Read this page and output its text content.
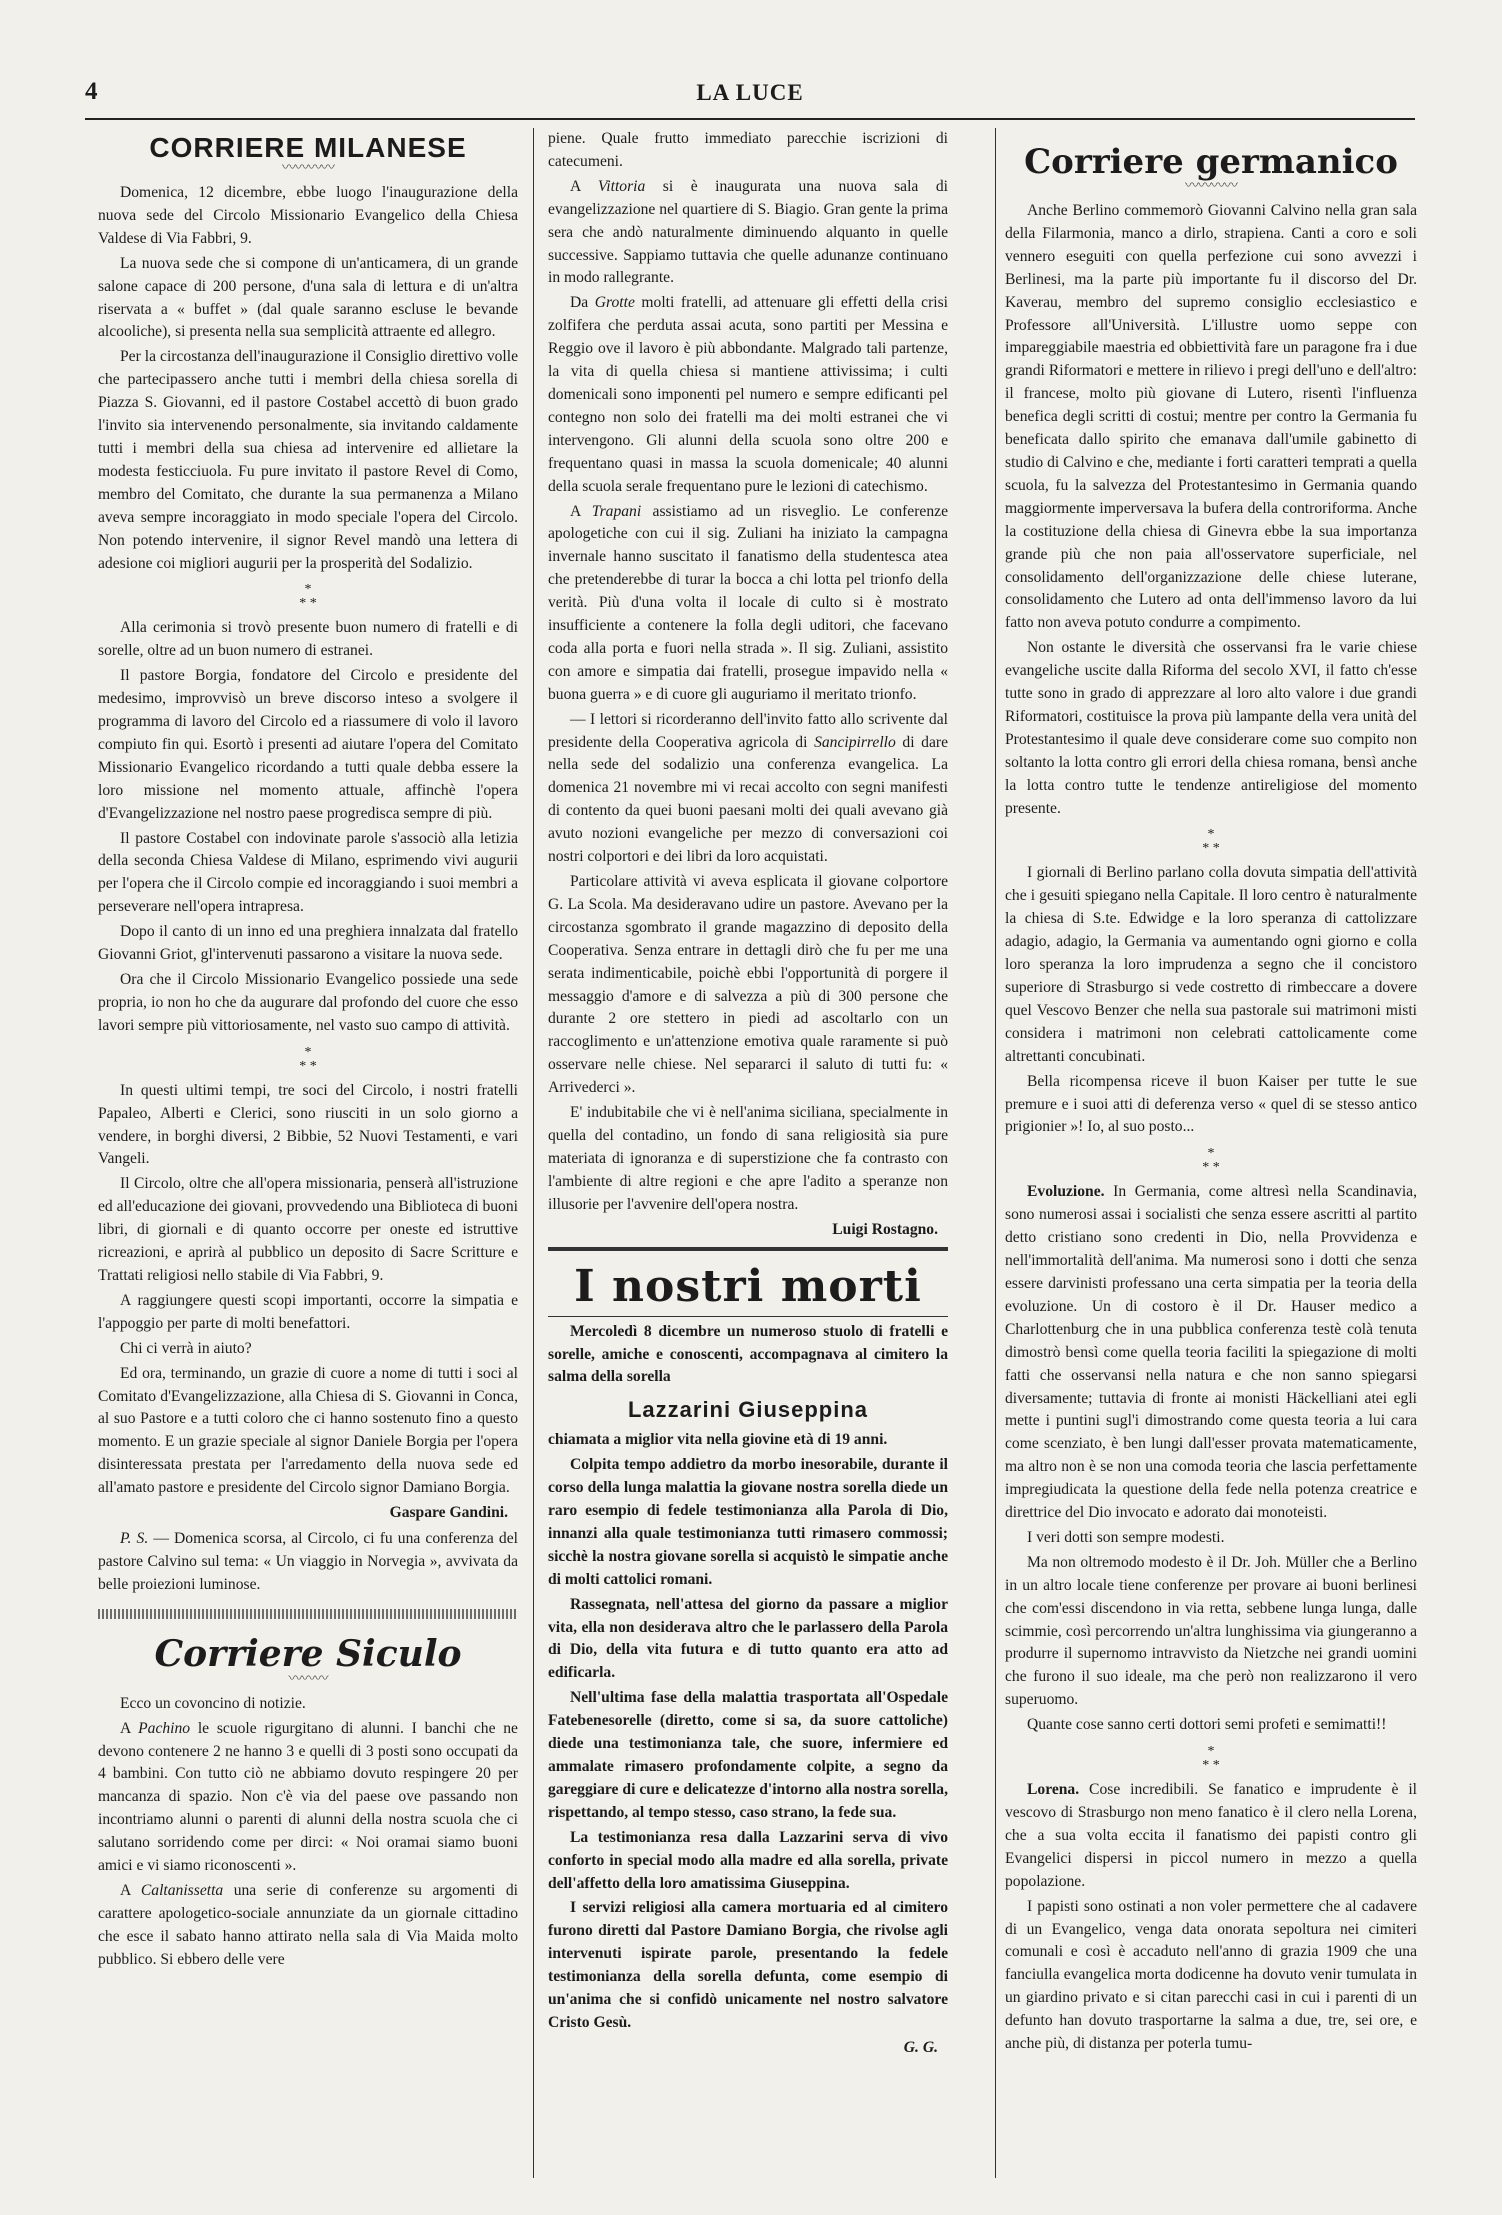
4	LA LUCE
CORRIERE MILANESE
〰〰〰〰

Domenica, 12 dicembre, ebbe luogo l'inaugurazione della nuova sede del Circolo Missionario Evangelico della Chiesa Valdese di Via Fabbri, 9.

La nuova sede che si compone di un'anticamera, di un grande salone capace di 200 persone, d'una sala di lettura e di un'altra riservata a « buffet » (dal quale saranno escluse le bevande alcooliche), si presenta nella sua semplicità attraente ed allegro.

Per la circostanza dell'inaugurazione il Consiglio direttivo volle che partecipassero anche tutti i membri della chiesa sorella di Piazza S. Giovanni, ed il pastore Costabel accettò di buon grado l'invito sia intervenendo personalmente, sia invitando caldamente tutti i membri della sua chiesa ad intervenire ed allietare la modesta festicciuola. Fu pure invitato il pastore Revel di Como, membro del Comitato, che durante la sua permanenza a Milano aveva sempre incoraggiato in modo speciale l'opera del Circolo. Non potendo intervenire, il signor Revel mandò una lettera di adesione coi migliori augurii per la prosperità del Sodalizio.

*
* *

Alla cerimonia si trovò presente buon numero di fratelli e di sorelle, oltre ad un buon numero di estranei.

Il pastore Borgia, fondatore del Circolo e presidente del medesimo, improvvisò un breve discorso inteso a svolgere il programma di lavoro del Circolo ed a riassumere di volo il lavoro compiuto fin qui. Esortò i presenti ad aiutare l'opera del Comitato Missionario Evangelico ricordando a tutti quale debba essere la loro missione nel momento attuale, affinchè l'opera d'Evangelizzazione nel nostro paese progredisca sempre di più.

Il pastore Costabel con indovinate parole s'associò alla letizia della seconda Chiesa Valdese di Milano, esprimendo vivi augurii per l'opera che il Circolo compie ed incoraggiando i suoi membri a perseverare nell'opera intrapresa.

Dopo il canto di un inno ed una preghiera innalzata dal fratello Giovanni Griot, gl'intervenuti passarono a visitare la nuova sede.

Ora che il Circolo Missionario Evangelico possiede una sede propria, io non ho che da augurare dal profondo del cuore che esso lavori sempre più vittoriosamente, nel vasto suo campo di attività.

*
* *

In questi ultimi tempi, tre soci del Circolo, i nostri fratelli Papaleo, Alberti e Clerici, sono riusciti in un solo giorno a vendere, in borghi diversi, 2 Bibbie, 52 Nuovi Testamenti, e vari Vangeli.

Il Circolo, oltre che all'opera missionaria, penserà all'istruzione ed all'educazione dei giovani, provvedendo una Biblioteca di buoni libri, di giornali e di quanto occorre per oneste ed istruttive ricreazioni, e aprirà al pubblico un deposito di Sacre Scritture e Trattati religiosi nello stabile di Via Fabbri, 9.

A raggiungere questi scopi importanti, occorre la simpatia e l'appoggio per parte di molti benefattori.

Chi ci verrà in aiuto?

Ed ora, terminando, un grazie di cuore a nome di tutti i soci al Comitato d'Evangelizzazione, alla Chiesa di S. Giovanni in Conca, al suo Pastore e a tutti coloro che ci hanno sostenuto fino a questo momento. E un grazie speciale al signor Daniele Borgia per l'opera disinteressata prestata per l'arredamento della nuova sede ed all'amato pastore e presidente del Circolo signor Damiano Borgia.

Gaspare Gandini.

P. S. — Domenica scorsa, al Circolo, ci fu una conferenza del pastore Calvino sul tema: « Un viaggio in Norvegia », avvivata da belle proiezioni luminose.

Corriere Siculo
〰〰〰

Ecco un covoncino di notizie.

A Pachino le scuole rigurgitano di alunni. I banchi che ne devono contenere 2 ne hanno 3 e quelli di 3 posti sono occupati da 4 bambini. Con tutto ciò ne abbiamo dovuto respingere 20 per mancanza di spazio. Non c'è via del paese ove passando non incontriamo alunni o parenti di alunni della nostra scuola che ci salutano sorridendo come per dirci: « Noi oramai siamo buoni amici e vi siamo riconoscenti ».

A Caltanissetta una serie di conferenze su argomenti di carattere apologetico-sociale annunziate da un giornale cittadino che esce il sabato hanno attirato nella sala di Via Maida molto pubblico. Si ebbero delle vere

piene. Quale frutto immediato parecchie iscrizioni di catecumeni.

A Vittoria si è inaugurata una nuova sala di evangelizzazione nel quartiere di S. Biagio. Gran gente la prima sera che andò naturalmente diminuendo alquanto in quelle successive. Sappiamo tuttavia che quelle adunanze continuano in modo rallegrante.

Da Grotte molti fratelli, ad attenuare gli effetti della crisi zolfifera che perduta assai acuta, sono partiti per Messina e Reggio ove il lavoro è più abbondante. Malgrado tali partenze, la vita di quella chiesa si mantiene attivissima; i culti domenicali sono imponenti pel numero e sempre edificanti pel contegno non solo dei fratelli ma dei molti estranei che vi intervengono. Gli alunni della scuola sono oltre 200 e frequentano quasi in massa la scuola domenicale; 40 alunni della scuola serale frequentano pure le lezioni di catechismo.

A Trapani assistiamo ad un risveglio. Le conferenze apologetiche con cui il sig. Zuliani ha iniziato la campagna invernale hanno suscitato il fanatismo della studentesca atea che pretenderebbe di turar la bocca a chi lotta pel trionfo della verità. Più d'una volta il locale di culto si è mostrato insufficiente a contenere la folla degli uditori, che facevano coda alla porta e fuori nella strada ». Il sig. Zuliani, assistito con amore e simpatia dai fratelli, prosegue impavido nella « buona guerra » e di cuore gli auguriamo il meritato trionfo.

— I lettori si ricorderanno dell'invito fatto allo scrivente dal presidente della Cooperativa agricola di Sancipirrello di dare nella sede del sodalizio una conferenza evangelica. La domenica 21 novembre mi vi recai accolto con segni manifesti di contento da quei buoni paesani molti dei quali avevano già avuto nozioni evangeliche per mezzo di conversazioni coi nostri colportori e dei libri da loro acquistati.

Particolare attività vi aveva esplicata il giovane colportore G. La Scola. Ma desideravano udire un pastore. Avevano per la circostanza sgombrato il grande magazzino di deposito della Cooperativa. Senza entrare in dettagli dirò che fu per me una serata indimenticabile, poichè ebbi l'opportunità di porgere il messaggio d'amore e di salvezza a più di 300 persone che durante 2 ore stettero in piedi ad ascoltarlo con un raccoglimento e un'attenzione emotiva quale raramente si può osservare nelle chiese. Nel separarci il saluto di tutti fu: « Arrivederci ».

E' indubitabile che vi è nell'anima siciliana, specialmente in quella del contadino, un fondo di sana religiosità sia pure materiata di ignoranza e di superstizione che fa contrasto con l'ambiente di altre regioni e che apre l'adito a speranze non illusorie per l'avvenire dell'opera nostra.

Luigi Rostagno.
I nostri morti

Mercoledì 8 dicembre un numeroso stuolo di fratelli e sorelle, amiche e conoscenti, accompagnava al cimitero la salma della sorella

Lazzarini Giuseppina

chiamata a miglior vita nella giovine età di 19 anni.

Colpita tempo addietro da morbo inesorabile, durante il corso della lunga malattia la giovane nostra sorella diede un raro esempio di fedele testimonianza alla Parola di Dio, innanzi alla quale testimonianza tutti rimasero commossi; sicchè la nostra giovane sorella si acquistò le simpatie anche di molti cattolici romani.

Rassegnata, nell'attesa del giorno da passare a miglior vita, ella non desiderava altro che le parlassero della Parola di Dio, della vita futura e di tutto quanto era atto ad edificarla.

Nell'ultima fase della malattia trasportata all'Ospedale Fatebenesorelle (diretto, come si sa, da suore cattoliche) diede una testimonianza tale, che suore, infermiere ed ammalate rimasero profondamente colpite, a segno da gareggiare di cure e delicatezze d'intorno alla nostra sorella, rispettando, al tempo stesso, caso strano, la fede sua.

La testimonianza resa dalla Lazzarini serva di vivo conforto in special modo alla madre ed alla sorella, private dell'affetto della loro amatissima Giuseppina.

I servizi religiosi alla camera mortuaria ed al cimitero furono diretti dal Pastore Damiano Borgia, che rivolse agli intervenuti ispirate parole, presentando la fedele testimonianza della sorella defunta, come esempio di un'anima che si confidò unicamente nel nostro salvatore Cristo Gesù.

G. G.
Corriere germanico
〰〰〰〰

Anche Berlino commemorò Giovanni Calvino nella gran sala della Filarmonia, manco a dirlo, strapiena. Canti a coro e soli vennero eseguiti con quella perfezione cui sono avvezzi i Berlinesi, ma la parte più importante fu il discorso del Dr. Kaverau, membro del supremo consiglio ecclesiastico e Professore all'Università. L'illustre uomo seppe con impareggiabile maestria ed obbiettività fare un paragone fra i due grandi Riformatori e mettere in rilievo i pregi dell'uno e dell'altro: il francese, molto più giovane di Lutero, risentì l'influenza benefica degli scritti di costui; mentre per contro la Germania fu beneficata dallo spirito che emanava dall'umile gabinetto di studio di Calvino e che, mediante i forti caratteri temprati a quella scuola, fu la salvezza del Protestantesimo in Germania quando maggiormente imperversava la bufera della controriforma. Anche la costituzione della chiesa di Ginevra ebbe la sua importanza grande più che non paia all'osservatore superficiale, nel consolidamento dell'organizzazione delle chiese luterane, consolidamento che Lutero ad onta dell'immenso lavoro da lui fatto non aveva potuto condurre a compimento.

Non ostante le diversità che osservansi fra le varie chiese evangeliche uscite dalla Riforma del secolo XVI, il fatto ch'esse tutte sono in grado di apprezzare al loro alto valore i due grandi Riformatori, costituisce la prova più lampante della vera unità del Protestantesimo il quale deve considerare come suo compito non soltanto la lotta contro gli errori della chiesa romana, bensì anche la lotta contro tutte le tendenze antireligiose del momento presente.

*
* *

I giornali di Berlino parlano colla dovuta simpatia dell'attività che i gesuiti spiegano nella Capitale. Il loro centro è naturalmente la chiesa di S.te. Edwidge e la loro speranza di cattolizzare adagio, adagio, la Germania va aumentando ogni giorno e colla loro speranza la loro imprudenza a segno che il concistoro superiore di Strasburgo si vede costretto di rimbeccare a dovere quel Vescovo Benzer che nella sua pastorale sui matrimoni misti considera i matrimoni non celebrati cattolicamente come altrettanti concubinati.

Bella ricompensa riceve il buon Kaiser per tutte le sue premure e i suoi atti di deferenza verso « quel di se stesso antico prigionier »! Io, al suo posto...

*
* *

Evoluzione. In Germania, come altresì nella Scandinavia, sono numerosi assai i socialisti che senza essere ascritti al partito detto cristiano sono credenti in Dio, nella Provvidenza e nell'immortalità dell'anima. Ma numerosi sono i dotti che senza essere darvinisti professano una certa simpatia per la teoria della evoluzione. Un di costoro è il Dr. Hauser medico a Charlottenburg che in una pubblica conferenza testè colà tenuta dimostrò bensì come quella teoria faciliti la spiegazione di molti fatti che osservansi nella natura e che non sanno spiegarsi diversamente; tuttavia di fronte ai monisti Häckelliani atei egli mette i puntini sugl'i dimostrando come questa teoria a lui cara come scenziato, è ben lungi dall'esser provata matematicamente, ma altro non è se non una comoda teoria che lascia perfettamente impregiudicata la questione della fede nella potenza creatrice e direttrice del Dio invocato e adorato dai monoteisti.

I veri dotti son sempre modesti.

Ma non oltremodo modesto è il Dr. Joh. Müller che a Berlino in un altro locale tiene conferenze per provare ai buoni berlinesi che com'essi discendono in via retta, sebbene lunga lunga, dalle scimmie, così percorrendo un'altra lunghissima via giungeranno a produrre il supernomo intravvisto da Nietzche nei grandi uomini che furono il suo ideale, ma che però non realizzarono il vero superuomo.

Quante cose sanno certi dottori semi profeti e semimatti!!

*
* *

Lorena. Cose incredibili. Se fanatico e imprudente è il vescovo di Strasburgo non meno fanatico è il clero nella Lorena, che a sua volta eccita il fanatismo dei papisti contro gli Evangelici dispersi in piccol numero in mezzo a quella popolazione.

I papisti sono ostinati a non voler permettere che al cadavere di un Evangelico, venga data onorata sepoltura nei cimiteri comunali e così è accaduto nell'anno di grazia 1909 che una fanciulla evangelica morta dodicenne ha dovuto venir tumulata in un giardino privato e si citan parecchi casi in cui i parenti di un defunto han dovuto trasportarne la salma a due, tre, sei ore, e anche più, di distanza per poterla tumu-
